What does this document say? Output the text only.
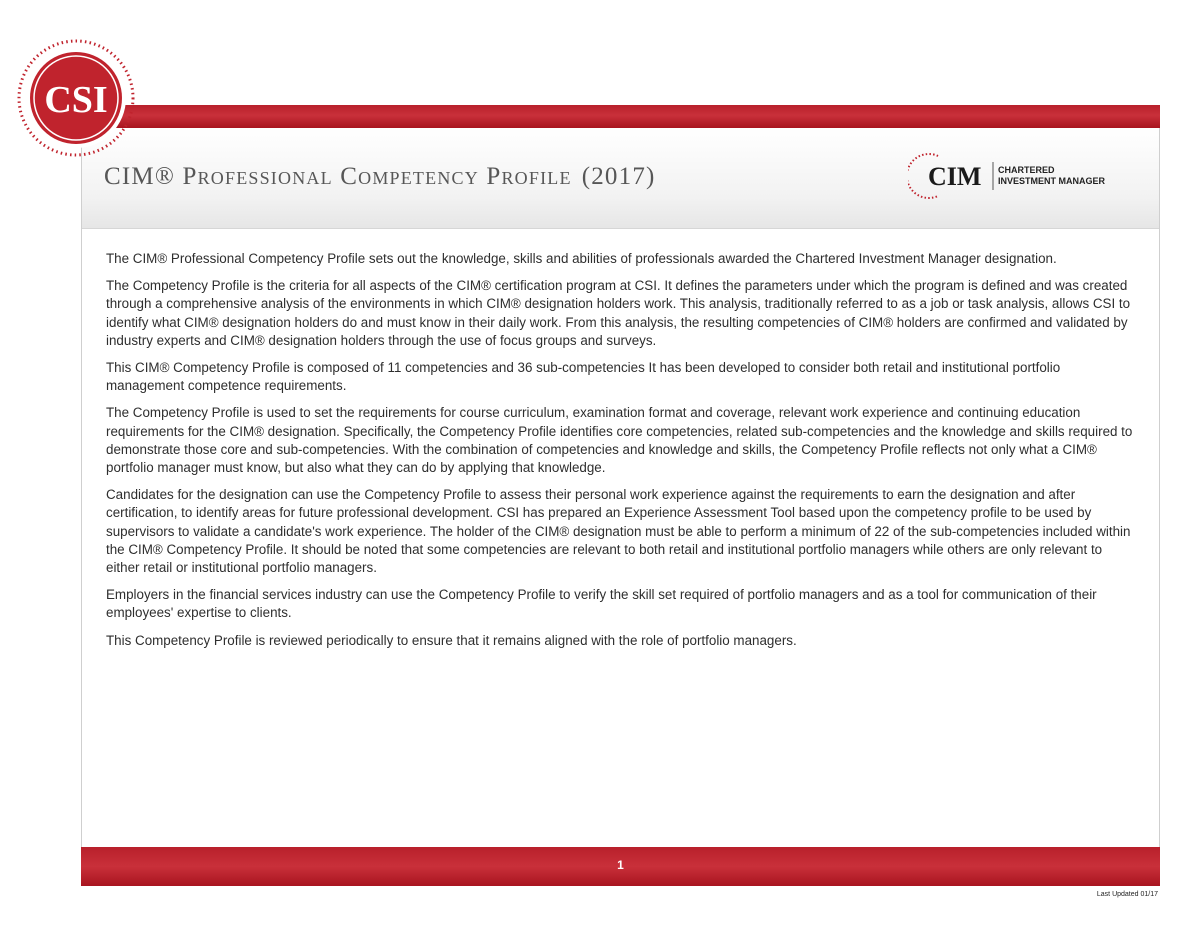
CIM® Professional Competency Profile (2017)
CSI
CIM CHARTERED
INVESTMENT MANAGER

The CIM® Professional Competency Profile sets out the knowledge, skills and abilities of professionals awarded the Chartered Investment Manager designation.

The Competency Profile is the criteria for all aspects of the CIM® certification program at CSI. It defines the parameters under which the program is defined and was created through a comprehensive analysis of the environments in which CIM® designation holders work. This analysis, traditionally referred to as a job or task analysis, allows CSI to identify what CIM® designation holders do and must know in their daily work. From this analysis, the resulting competencies of CIM® holders are confirmed and validated by industry experts and CIM® designation holders through the use of focus groups and surveys.

This CIM® Competency Profile is composed of 11 competencies and 36 sub-competencies It has been developed to consider both retail and institutional portfolio management competence requirements.

The Competency Profile is used to set the requirements for course curriculum, examination format and coverage, relevant work experience and continuing education requirements for the CIM® designation. Specifically, the Competency Profile identifies core competencies, related sub-competencies and the knowledge and skills required to demonstrate those core and sub-competencies. With the combination of competencies and knowledge and skills, the Competency Profile reflects not only what a CIM® portfolio manager must know, but also what they can do by applying that knowledge.

Candidates for the designation can use the Competency Profile to assess their personal work experience against the requirements to earn the designation and after certification, to identify areas for future professional development. CSI has prepared an Experience Assessment Tool based upon the competency profile to be used by supervisors to validate a candidate's work experience. The holder of the CIM® designation must be able to perform a minimum of 22 of the sub-competencies included within the CIM® Competency Profile. It should be noted that some competencies are relevant to both retail and institutional portfolio managers while others are only relevant to either retail or institutional portfolio managers.

Employers in the financial services industry can use the Competency Profile to verify the skill set required of portfolio managers and as a tool for communication of their employees' expertise to clients.

This Competency Profile is reviewed periodically to ensure that it remains aligned with the role of portfolio managers.

1
Last Updated 01/17
